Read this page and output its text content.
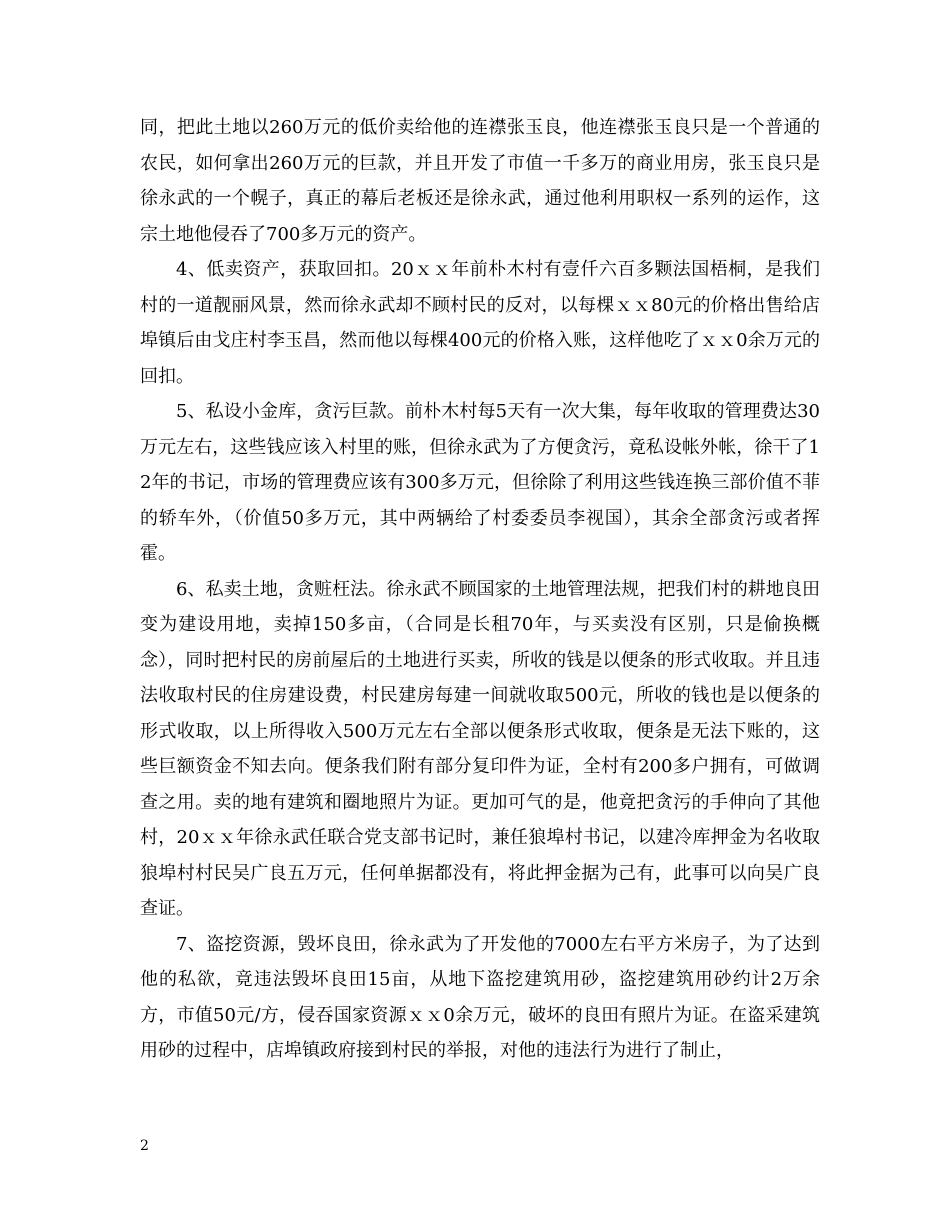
同，把此土地以260万元的低价卖给他的连襟张玉良，他连襟张玉良只是一个普通的农民，如何拿出260万元的巨款，并且开发了市值一千多万的商业用房，张玉良只是徐永武的一个幌子，真正的幕后老板还是徐永武，通过他利用职权一系列的运作，这宗土地他侵吞了700多万元的资产。

4、低卖资产，获取回扣。20ｘｘ年前朴木村有壹仟六百多颗法国梧桐，是我们村的一道靓丽风景，然而徐永武却不顾村民的反对，以每棵ｘｘ80元的价格出售给店埠镇后由戈庄村李玉昌，然而他以每棵400元的价格入账，这样他吃了ｘｘ0余万元的回扣。

5、私设小金库，贪污巨款。前朴木村每5天有一次大集，每年收取的管理费达30万元左右，这些钱应该入村里的账，但徐永武为了方便贪污，竟私设帐外帐，徐干了12年的书记，市场的管理费应该有300多万元，但徐除了利用这些钱连换三部价值不菲的轿车外，（价值50多万元，其中两辆给了村委委员李视国），其余全部贪污或者挥霍。

6、私卖土地，贪赃枉法。徐永武不顾国家的土地管理法规，把我们村的耕地良田变为建设用地，卖掉150多亩，（合同是长租70年，与买卖没有区别，只是偷换概念），同时把村民的房前屋后的土地进行买卖，所收的钱是以便条的形式收取。并且违法收取村民的住房建设费，村民建房每建一间就收取500元，所收的钱也是以便条的形式收取，以上所得收入500万元左右全部以便条形式收取，便条是无法下账的，这些巨额资金不知去向。便条我们附有部分复印件为证，全村有200多户拥有，可做调查之用。卖的地有建筑和圈地照片为证。更加可气的是，他竟把贪污的手伸向了其他村，20ｘｘ年徐永武任联合党支部书记时，兼任狼埠村书记，以建冷库押金为名收取狼埠村村民吴广良五万元，任何单据都没有，将此押金据为己有，此事可以向吴广良查证。

7、盗挖资源，毁坏良田，徐永武为了开发他的7000左右平方米房子，为了达到他的私欲，竟违法毁坏良田15亩，从地下盗挖建筑用砂，盗挖建筑用砂约计2万余方，市值50元/方，侵吞国家资源ｘｘ0余万元，破坏的良田有照片为证。在盗采建筑用砂的过程中，店埠镇政府接到村民的举报，对他的违法行为进行了制止，

2
